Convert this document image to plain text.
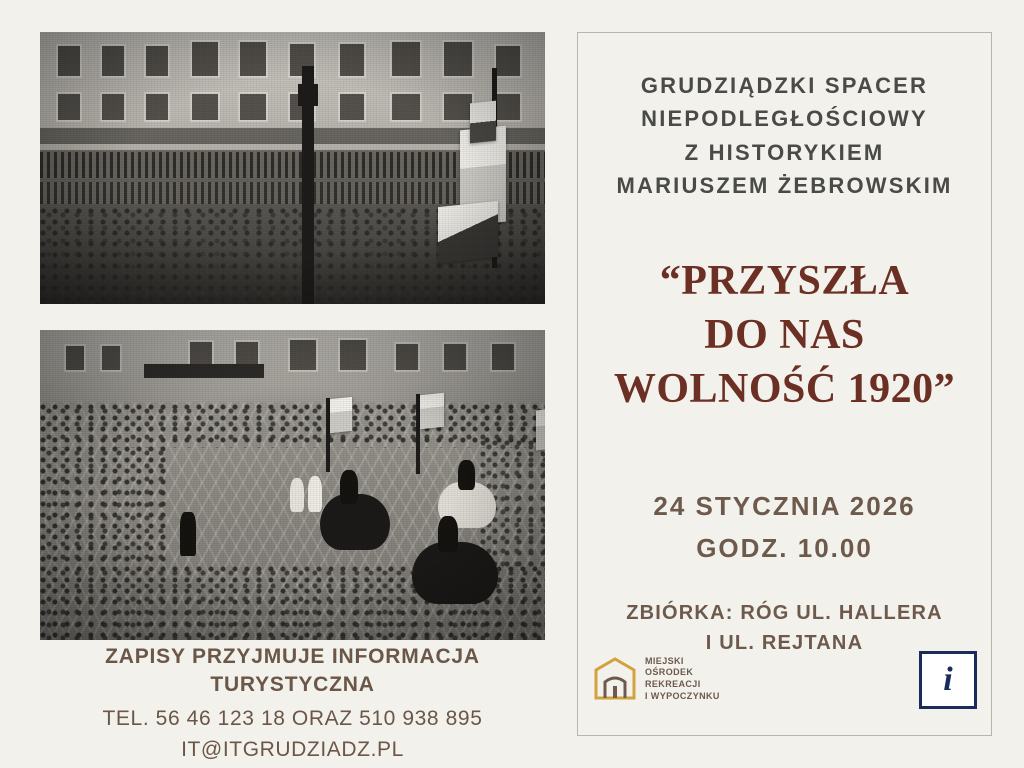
ZAPISY PRZYJMUJE INFORMACJA

TURYSTYCZNA

TEL. 56 46 123 18 ORAZ 510 938 895

IT@ITGRUDZIADZ.PL

GRUDZIĄDZKI SPACER
NIEPODLEGŁOŚCIOWY
Z HISTORYKIEM
MARIUSZEM ŻEBROWSKIM
“PRZYSZŁA
DO NAS
WOLNOŚĆ 1920”
24 STYCZNIA 2026
GODZ. 10.00
ZBIÓRKA: RÓG UL. HALLERA
I UL. REJTANA
MIEJSKI
OŚRODEK
REKREACJI
I WYPOCZYNKU	i
